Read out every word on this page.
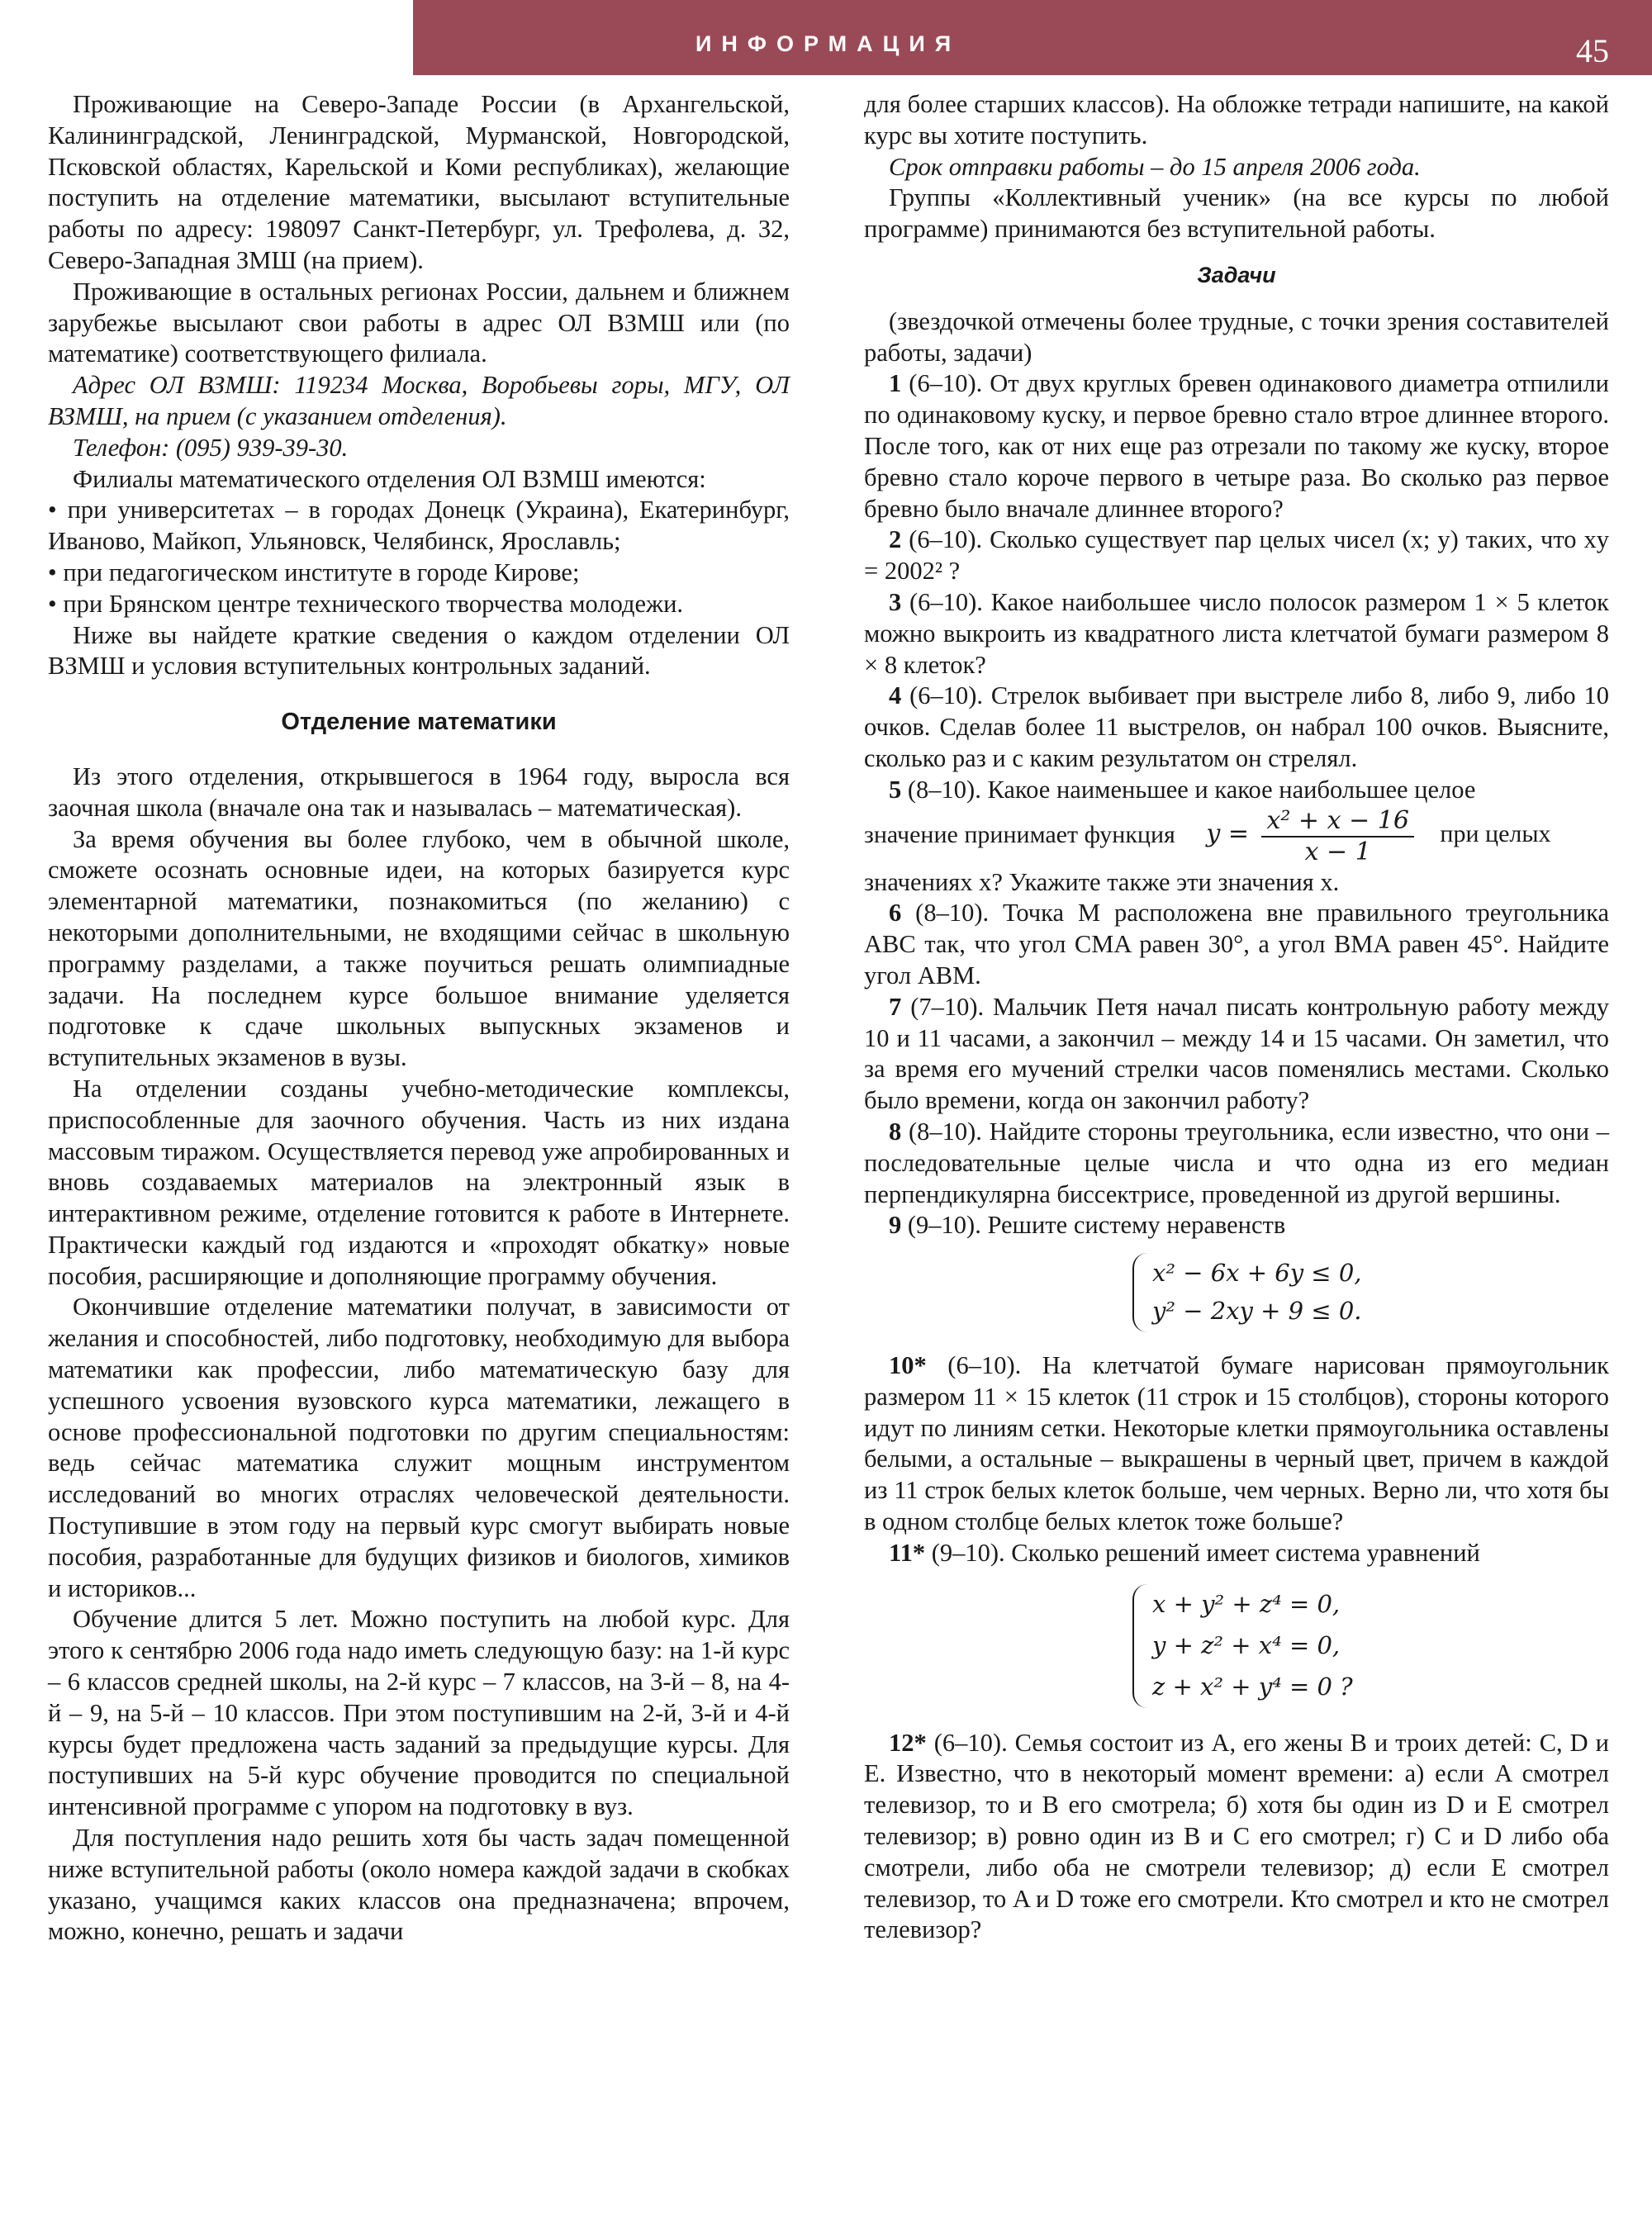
ИНФОРМАЦИЯ	45

Проживающие на Северо-Западе России (в Архангельской, Калининградской, Ленинградской, Мурманской, Новгородской, Псковской областях, Карельской и Коми республиках), желающие поступить на отделение математики, высылают вступительные работы по адресу: 198097 Санкт-Петербург, ул. Трефолева, д. 32, Северо-Западная ЗМШ (на прием).

Проживающие в остальных регионах России, дальнем и ближнем зарубежье высылают свои работы в адрес ОЛ ВЗМШ или (по математике) соответствующего филиала.

Адрес ОЛ ВЗМШ: 119234 Москва, Воробьевы горы, МГУ, ОЛ ВЗМШ, на прием (с указанием отделения).

Телефон: (095) 939-39-30.

Филиалы математического отделения ОЛ ВЗМШ имеются:

• при университетах – в городах Донецк (Украина), Екатеринбург, Иваново, Майкоп, Ульяновск, Челябинск, Ярославль;

• при педагогическом институте в городе Кирове;

• при Брянском центре технического творчества молодежи.

Ниже вы найдете краткие сведения о каждом отделении ОЛ ВЗМШ и условия вступительных контрольных заданий.

Отделение математики

Из этого отделения, открывшегося в 1964 году, выросла вся заочная школа (вначале она так и называлась – математическая).

За время обучения вы более глубоко, чем в обычной школе, сможете осознать основные идеи, на которых базируется курс элементарной математики, познакомиться (по желанию) с некоторыми дополнительными, не входящими сейчас в школьную программу разделами, а также поучиться решать олимпиадные задачи. На последнем курсе большое внимание уделяется подготовке к сдаче школьных выпускных экзаменов и вступительных экзаменов в вузы.

На отделении созданы учебно-методические комплексы, приспособленные для заочного обучения. Часть из них издана массовым тиражом. Осуществляется перевод уже апробированных и вновь создаваемых материалов на электронный язык в интерактивном режиме, отделение готовится к работе в Интернете. Практически каждый год издаются и «проходят обкатку» новые пособия, расширяющие и дополняющие программу обучения.

Окончившие отделение математики получат, в зависимости от желания и способностей, либо подготовку, необходимую для выбора математики как профессии, либо математическую базу для успешного усвоения вузовского курса математики, лежащего в основе профессиональной подготовки по другим специальностям: ведь сейчас математика служит мощным инструментом исследований во многих отраслях человеческой деятельности. Поступившие в этом году на первый курс смогут выбирать новые пособия, разработанные для будущих физиков и биологов, химиков и историков...

Обучение длится 5 лет. Можно поступить на любой курс. Для этого к сентябрю 2006 года надо иметь следующую базу: на 1-й курс – 6 классов средней школы, на 2-й курс – 7 классов, на 3-й – 8, на 4-й – 9, на 5-й – 10 классов. При этом поступившим на 2-й, 3-й и 4-й курсы будет предложена часть заданий за предыдущие курсы. Для поступивших на 5-й курс обучение проводится по специальной интенсивной программе с упором на подготовку в вуз.

Для поступления надо решить хотя бы часть задач помещенной ниже вступительной работы (около номера каждой задачи в скобках указано, учащимся каких классов она предназначена; впрочем, можно, конечно, решать и задачи

для более старших классов). На обложке тетради напишите, на какой курс вы хотите поступить.

Срок отправки работы – до 15 апреля 2006 года.

Группы «Коллективный ученик» (на все курсы по любой программе) принимаются без вступительной работы.

Задачи

(звездочкой отмечены более трудные, с точки зрения составителей работы, задачи)

1 (6–10). От двух круглых бревен одинакового диаметра отпилили по одинаковому куску, и первое бревно стало втрое длиннее второго. После того, как от них еще раз отрезали по такому же куску, второе бревно стало короче первого в четыре раза. Во сколько раз первое бревно было вначале длиннее второго?

2 (6–10). Сколько существует пар целых чисел (x; y) таких, что xy = 2002² ?

3 (6–10). Какое наибольшее число полосок размером 1 × 5 клеток можно выкроить из квадратного листа клетчатой бумаги размером 8 × 8 клеток?

4 (6–10). Стрелок выбивает при выстреле либо 8, либо 9, либо 10 очков. Сделав более 11 выстрелов, он набрал 100 очков. Выясните, сколько раз и с каким результатом он стрелял.

5 (8–10). Какое наименьшее и какое наибольшее целое

значение принимает функция $y = \frac{\text{x² + x − 16}}{x - 1}$ при целых

значениях x? Укажите также эти значения x.

6 (8–10). Точка M расположена вне правильного треугольника ABC так, что угол CMA равен 30°, а угол BMA равен 45°. Найдите угол ABM.

7 (7–10). Мальчик Петя начал писать контрольную работу между 10 и 11 часами, а закончил – между 14 и 15 часами. Он заметил, что за время его мучений стрелки часов поменялись местами. Сколько было времени, когда он закончил работу?

8 (8–10). Найдите стороны треугольника, если известно, что они – последовательные целые числа и что одна из его медиан перпендикулярна биссектрисе, проведенной из другой вершины.

9 (9–10). Решите систему неравенств

x² − 6x + 6y ≤ 0,
y² − 2xy + 9 ≤ 0.

10* (6–10). На клетчатой бумаге нарисован прямоугольник размером 11 × 15 клеток (11 строк и 15 столбцов), стороны которого идут по линиям сетки. Некоторые клетки прямоугольника оставлены белыми, а остальные – выкрашены в черный цвет, причем в каждой из 11 строк белых клеток больше, чем черных. Верно ли, что хотя бы в одном столбце белых клеток тоже больше?

11* (9–10). Сколько решений имеет система уравнений

x + y² + z⁴ = 0,
y + z² + x⁴ = 0,
z + x² + y⁴ = 0 ?

12* (6–10). Семья состоит из A, его жены B и троих детей: C, D и E. Известно, что в некоторый момент времени: а) если A смотрел телевизор, то и B его смотрела; б) хотя бы один из D и E смотрел телевизор; в) ровно один из B и C его смотрел; г) C и D либо оба смотрели, либо оба не смотрели телевизор; д) если E смотрел телевизор, то A и D тоже его смотрели. Кто смотрел и кто не смотрел телевизор?
